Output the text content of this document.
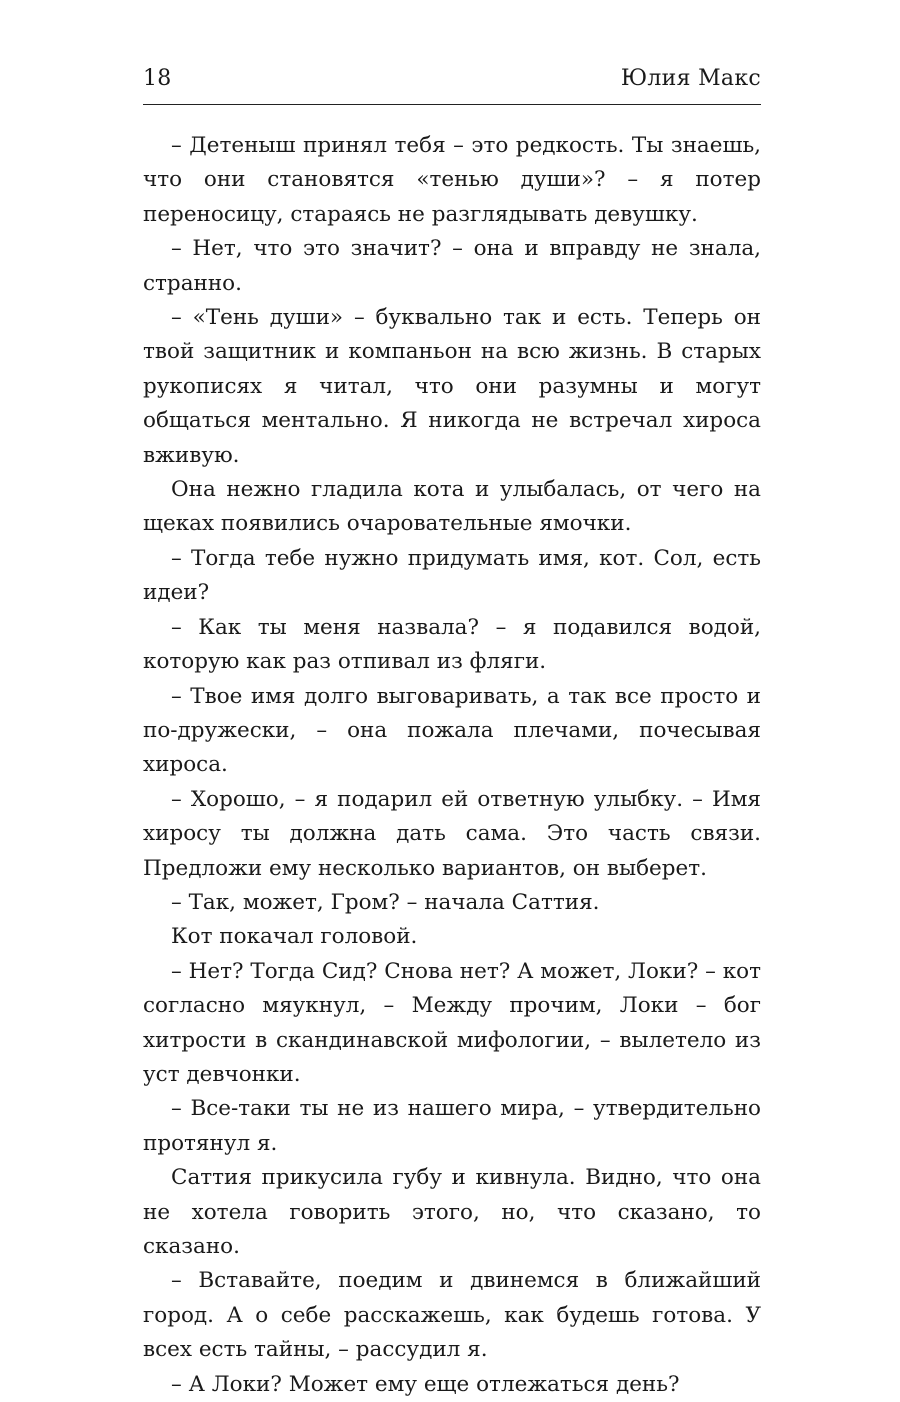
18	Юлия Макс

– Детеныш принял тебя – это редкость. Ты знаешь, что они становятся «тенью души»? – я потер переносицу, стараясь не разглядывать девушку.

– Нет, что это значит? – она и вправду не знала, странно.

– «Тень души» – буквально так и есть. Теперь он твой защитник и компаньон на всю жизнь. В старых рукописях я читал, что они разумны и могут общаться ментально. Я никогда не встречал хироса вживую.

Она нежно гладила кота и улыбалась, от чего на щеках появились очаровательные ямочки.

– Тогда тебе нужно придумать имя, кот. Сол, есть идеи?

– Как ты меня назвала? – я подавился водой, которую как раз отпивал из фляги.

– Твое имя долго выговаривать, а так все просто и по-дружески, – она пожала плечами, почесывая хироса.

– Хорошо, – я подарил ей ответную улыбку. – Имя хиросу ты должна дать сама. Это часть связи. Предложи ему несколько вариантов, он выберет.

– Так, может, Гром? – начала Саттия.

Кот покачал головой.

– Нет? Тогда Сид? Снова нет? А может, Локи? – кот согласно мяукнул, – Между прочим, Локи – бог хитрости в скандинавской мифологии, – вылетело из уст девчонки.

– Все-таки ты не из нашего мира, – утвердительно протянул я.

Саттия прикусила губу и кивнула. Видно, что она не хотела говорить этого, но, что сказано, то сказано.

– Вставайте, поедим и двинемся в ближайший город. А о себе расскажешь, как будешь готова. У всех есть тайны, – рассудил я.

– А Локи? Может ему еще отлежаться день?
